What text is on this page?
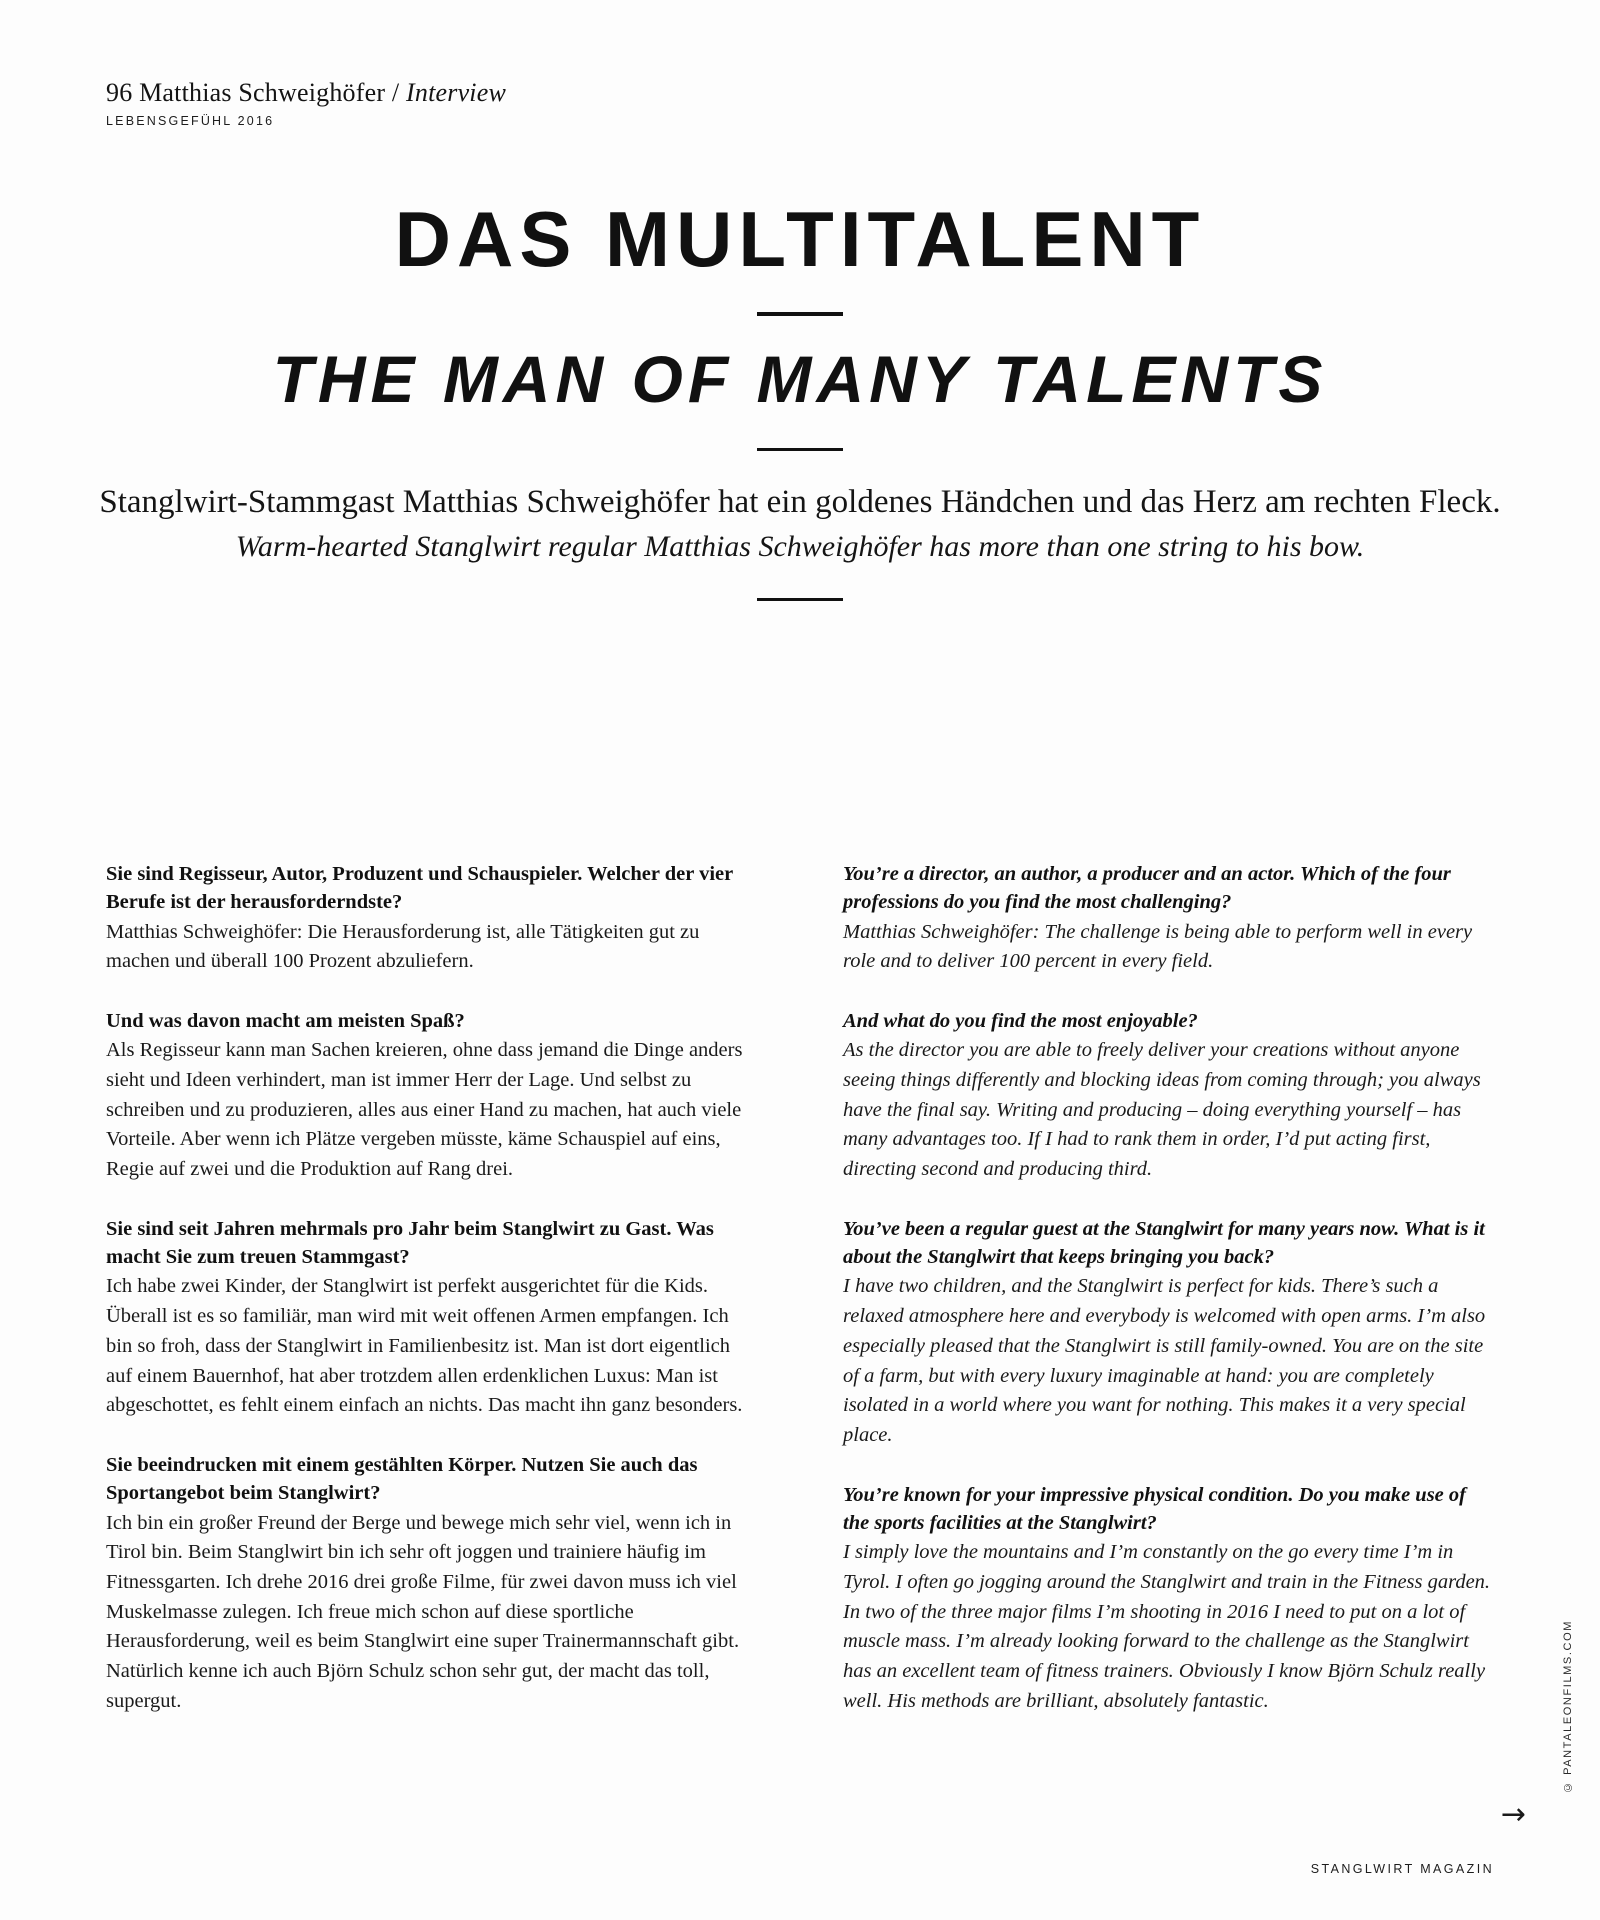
96 Matthias Schweighöfer / Interview
LEBENSGEFÜHL 2016
DAS MULTITALENT
THE MAN OF MANY TALENTS
Stanglwirt-Stammgast Matthias Schweighöfer hat ein goldenes Händchen und das Herz am rechten Fleck.
Warm-hearted Stanglwirt regular Matthias Schweighöfer has more than one string to his bow.

Sie sind Regisseur, Autor, Produzent und Schauspieler. Welcher der vier Berufe ist der herausforderndste?

Matthias Schweighöfer: Die Herausforderung ist, alle Tätigkeiten gut zu machen und überall 100 Prozent abzuliefern.

Und was davon macht am meisten Spaß?

Als Regisseur kann man Sachen kreieren, ohne dass jemand die Dinge anders sieht und Ideen verhindert, man ist immer Herr der Lage. Und selbst zu schreiben und zu produzieren, alles aus einer Hand zu machen, hat auch viele Vorteile. Aber wenn ich Plätze vergeben müsste, käme Schauspiel auf eins, Regie auf zwei und die Produktion auf Rang drei.

Sie sind seit Jahren mehrmals pro Jahr beim Stanglwirt zu Gast. Was macht Sie zum treuen Stammgast?

Ich habe zwei Kinder, der Stanglwirt ist perfekt ausgerichtet für die Kids. Überall ist es so familiär, man wird mit weit offenen Armen empfangen. Ich bin so froh, dass der Stanglwirt in Familienbesitz ist. Man ist dort eigentlich auf einem Bauernhof, hat aber trotzdem allen erdenklichen Luxus: Man ist abgeschottet, es fehlt einem einfach an nichts. Das macht ihn ganz besonders.

Sie beeindrucken mit einem gestählten Körper. Nutzen Sie auch das Sportangebot beim Stanglwirt?

Ich bin ein großer Freund der Berge und bewege mich sehr viel, wenn ich in Tirol bin. Beim Stanglwirt bin ich sehr oft joggen und trainiere häufig im Fitnessgarten. Ich drehe 2016 drei große Filme, für zwei davon muss ich viel Muskelmasse zulegen. Ich freue mich schon auf diese sportliche Herausforderung, weil es beim Stanglwirt eine super Trainermannschaft gibt. Natürlich kenne ich auch Björn Schulz schon sehr gut, der macht das toll, supergut.

You’re a director, an author, a producer and an actor. Which of the four professions do you find the most challenging?

Matthias Schweighöfer: The challenge is being able to perform well in every role and to deliver 100 percent in every field.

And what do you find the most enjoyable?

As the director you are able to freely deliver your creations without anyone seeing things differently and blocking ideas from coming through; you always have the final say. Writing and producing – doing everything yourself – has many advantages too. If I had to rank them in order, I’d put acting first, directing second and producing third.

You’ve been a regular guest at the Stanglwirt for many years now. What is it about the Stanglwirt that keeps bringing you back?

I have two children, and the Stanglwirt is perfect for kids. There’s such a relaxed atmosphere here and everybody is welcomed with open arms. I’m also especially pleased that the Stanglwirt is still family-owned. You are on the site of a farm, but with every luxury imaginable at hand: you are completely isolated in a world where you want for nothing. This makes it a very special place.

You’re known for your impressive physical condition. Do you make use of the sports facilities at the Stanglwirt?

I simply love the mountains and I’m constantly on the go every time I’m in Tyrol. I often go jogging around the Stanglwirt and train in the Fitness garden. In two of the three major films I’m shooting in 2016 I need to put on a lot of muscle mass. I’m already looking forward to the challenge as the Stanglwirt has an excellent team of fitness trainers. Obviously I know Björn Schulz really well. His methods are brilliant, absolutely fantastic.	© PANTALEONFILMS.COM
→
STANGLWIRT MAGAZIN
